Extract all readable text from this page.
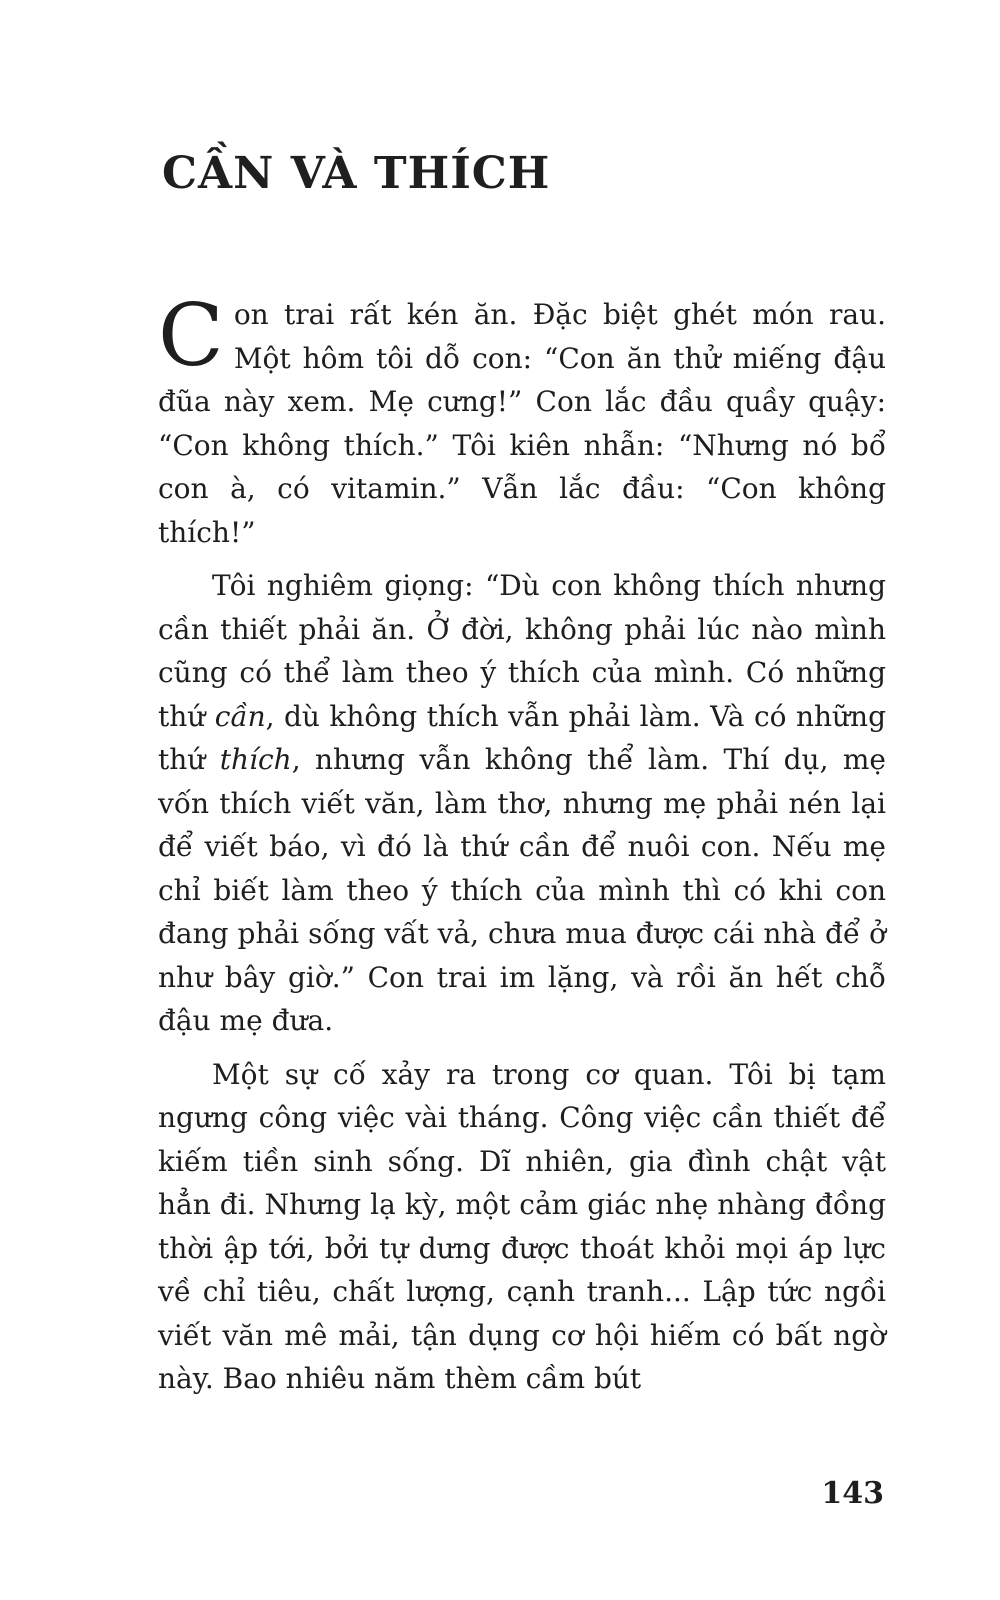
CẦN VÀ THÍCH

Con trai rất kén ăn. Đặc biệt ghét món rau. Một hôm tôi dỗ con: “Con ăn thử miếng đậu đũa này xem. Mẹ cưng!” Con lắc đầu quầy quậy: “Con không thích.” Tôi kiên nhẫn: “Nhưng nó bổ con à, có vitamin.” Vẫn lắc đầu: “Con không thích!”

Tôi nghiêm giọng: “Dù con không thích nhưng cần thiết phải ăn. Ở đời, không phải lúc nào mình cũng có thể làm theo ý thích của mình. Có những thứ cần, dù không thích vẫn phải làm. Và có những thứ thích, nhưng vẫn không thể làm. Thí dụ, mẹ vốn thích viết văn, làm thơ, nhưng mẹ phải nén lại để viết báo, vì đó là thứ cần để nuôi con. Nếu mẹ chỉ biết làm theo ý thích của mình thì có khi con đang phải sống vất vả, chưa mua được cái nhà để ở như bây giờ.” Con trai im lặng, và rồi ăn hết chỗ đậu mẹ đưa.

Một sự cố xảy ra trong cơ quan. Tôi bị tạm ngưng công việc vài tháng. Công việc cần thiết để kiếm tiền sinh sống. Dĩ nhiên, gia đình chật vật hẳn đi. Nhưng lạ kỳ, một cảm giác nhẹ nhàng đồng thời ập tới, bởi tự dưng được thoát khỏi mọi áp lực về chỉ tiêu, chất lượng, cạnh tranh... Lập tức ngồi viết văn mê mải, tận dụng cơ hội hiếm có bất ngờ này. Bao nhiêu năm thèm cầm bút

143
